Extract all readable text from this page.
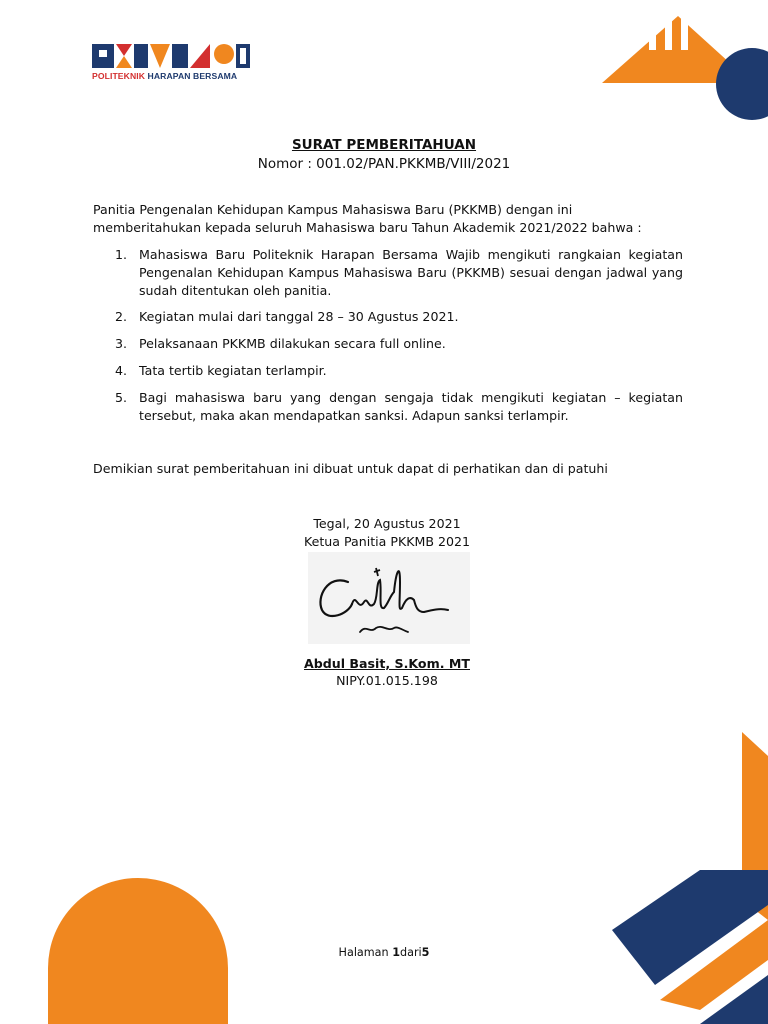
POLITEKNIK HARAPAN BERSAMA
SURAT PEMBERITAHUAN
Nomor : 001.02/PAN.PKKMB/VIII/2021
Panitia Pengenalan Kehidupan Kampus Mahasiswa Baru (PKKMB) dengan ini memberitahukan kepada seluruh Mahasiswa baru Tahun Akademik 2021/2022 bahwa :
1. Mahasiswa Baru Politeknik Harapan Bersama Wajib mengikuti rangkaian kegiatan Pengenalan Kehidupan Kampus Mahasiswa Baru (PKKMB) sesuai dengan jadwal yang sudah ditentukan oleh panitia.
2. Kegiatan mulai dari tanggal 28 – 30 Agustus 2021.
3. Pelaksanaan PKKMB dilakukan secara full online.
4. Tata tertib kegiatan terlampir.
5. Bagi mahasiswa baru yang dengan sengaja tidak mengikuti kegiatan – kegiatan tersebut, maka akan mendapatkan sanksi. Adapun sanksi terlampir.
Demikian surat pemberitahuan ini dibuat untuk dapat di perhatikan dan di patuhi
Tegal, 20 Agustus 2021
Ketua Panitia PKKMB 2021
Abdul Basit, S.Kom. MT
NIPY.01.015.198
Halaman 1dari5
